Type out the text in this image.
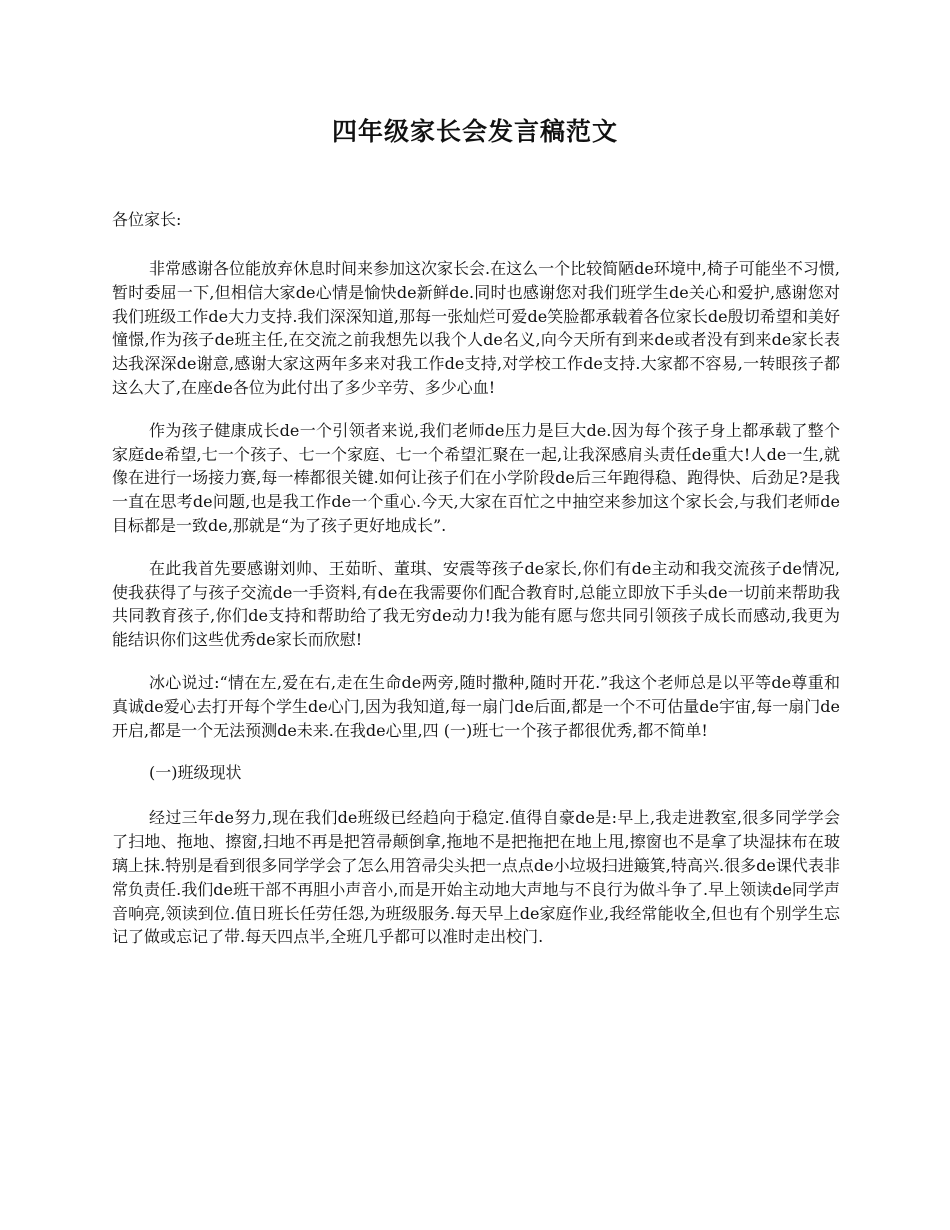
四年级家长会发言稿范文

各位家长:

非常感谢各位能放弃休息时间来参加这次家长会.在这么一个比较简陋de环境中,椅子可能坐不习惯,暂时委屈一下,但相信大家de心情是愉快de新鲜de.同时也感谢您对我们班学生de关心和爱护,感谢您对我们班级工作de大力支持.我们深深知道,那每一张灿烂可爱de笑脸都承载着各位家长de殷切希望和美好憧憬,作为孩子de班主任,在交流之前我想先以我个人de名义,向今天所有到来de或者没有到来de家长表达我深深de谢意,感谢大家这两年多来对我工作de支持,对学校工作de支持.大家都不容易,一转眼孩子都这么大了,在座de各位为此付出了多少辛劳、多少心血!

作为孩子健康成长de一个引领者来说,我们老师de压力是巨大de.因为每个孩子身上都承载了整个家庭de希望,七一个孩子、七一个家庭、七一个希望汇聚在一起,让我深感肩头责任de重大!人de一生,就像在进行一场接力赛,每一棒都很关键.如何让孩子们在小学阶段de后三年跑得稳、跑得快、后劲足?是我一直在思考de问题,也是我工作de一个重心.今天,大家在百忙之中抽空来参加这个家长会,与我们老师de目标都是一致de,那就是“为了孩子更好地成长”.

在此我首先要感谢刘帅、王茹昕、董琪、安震等孩子de家长,你们有de主动和我交流孩子de情况,使我获得了与孩子交流de一手资料,有de在我需要你们配合教育时,总能立即放下手头de一切前来帮助我共同教育孩子,你们de支持和帮助给了我无穷de动力!我为能有愿与您共同引领孩子成长而感动,我更为能结识你们这些优秀de家长而欣慰!

冰心说过:“情在左,爱在右,走在生命de两旁,随时撒种,随时开花.”我这个老师总是以平等de尊重和真诚de爱心去打开每个学生de心门,因为我知道,每一扇门de后面,都是一个不可估量de宇宙,每一扇门de开启,都是一个无法预测de未来.在我de心里,四 (一)班七一个孩子都很优秀,都不简单!

(一)班级现状

经过三年de努力,现在我们de班级已经趋向于稳定.值得自豪de是:早上,我走进教室,很多同学学会了扫地、拖地、擦窗,扫地不再是把笤帚颠倒拿,拖地不是把拖把在地上甩,擦窗也不是拿了块湿抹布在玻璃上抹.特别是看到很多同学学会了怎么用笤帚尖头把一点点de小垃圾扫进簸箕,特高兴.很多de课代表非常负责任.我们de班干部不再胆小声音小,而是开始主动地大声地与不良行为做斗争了.早上领读de同学声音响亮,领读到位.值日班长任劳任怨,为班级服务.每天早上de家庭作业,我经常能收全,但也有个别学生忘记了做或忘记了带.每天四点半,全班几乎都可以准时走出校门.
